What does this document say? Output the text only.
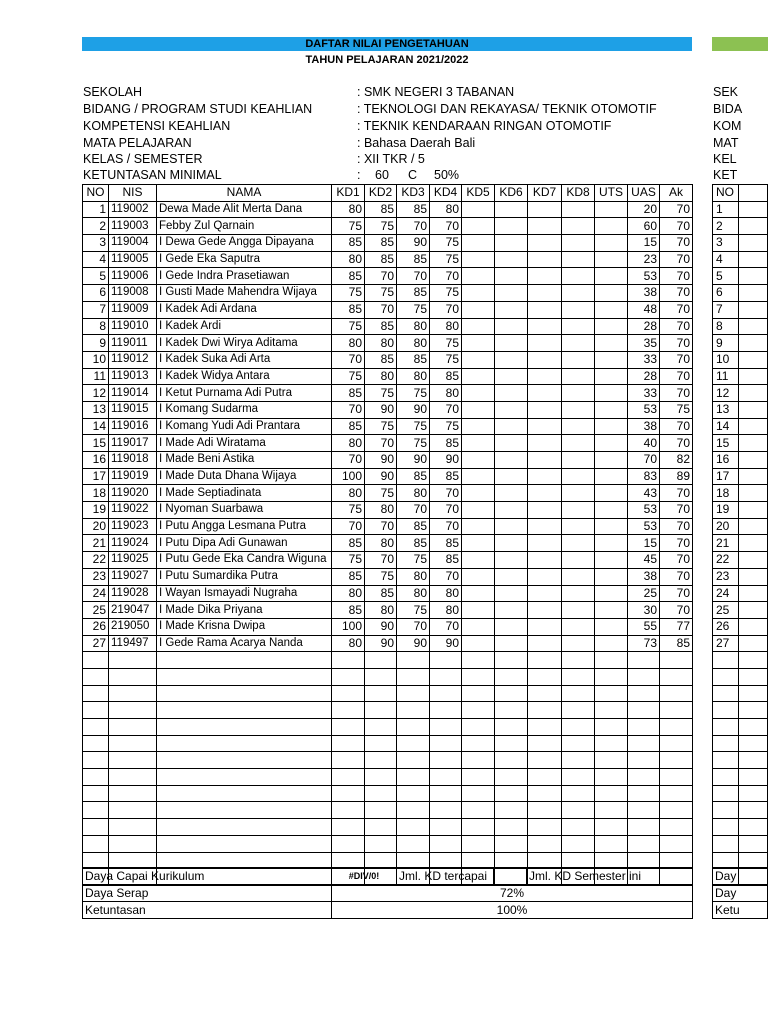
DAFTAR NILAI PENGETAHUAN
TAHUN PELAJARAN 2021/2022
SEKOLAH	: SMK NEGERI 3 TABANAN
BIDANG / PROGRAM STUDI KEAHLIAN	: TEKNOLOGI DAN REKAYASA/ TEKNIK OTOMOTIF
KOMPETENSI KEAHLIAN	: TEKNIK KENDARAAN RINGAN OTOMOTIF
MATA PELAJARAN	: Bahasa Daerah Bali
KELAS / SEMESTER	: XII TKR / 5
KETUNTASAN MINIMAL	: 60 C 50%
NO	NIS	NAMA	KD1	KD2	KD3	KD4	KD5	KD6	KD7	KD8	UTS	UAS	Ak
1	119002	Dewa Made Alit Merta Dana	80	85	85	80						20	70
2	119003	Febby Zul Qarnain	75	75	70	70						60	70
3	119004	I Dewa Gede Angga Dipayana	85	85	90	75						15	70
4	119005	I Gede Eka Saputra	80	85	85	75						23	70
5	119006	I Gede Indra Prasetiawan	85	70	70	70						53	70
6	119008	I Gusti Made Mahendra Wijaya	75	75	85	75						38	70
7	119009	I Kadek Adi Ardana	85	70	75	70						48	70
8	119010	I Kadek Ardi	75	85	80	80						28	70
9	119011	I Kadek Dwi Wirya Aditama	80	80	80	75						35	70
10	119012	I Kadek Suka Adi Arta	70	85	85	75						33	70
11	119013	I Kadek Widya Antara	75	80	80	85						28	70
12	119014	I Ketut Purnama Adi Putra	85	75	75	80						33	70
13	119015	I Komang Sudarma	70	90	90	70						53	75
14	119016	I Komang Yudi Adi Prantara	85	75	75	75						38	70
15	119017	I Made Adi Wiratama	80	70	75	85						40	70
16	119018	I Made Beni Astika	70	90	90	90						70	82
17	119019	I Made Duta Dhana Wijaya	100	90	85	85						83	89
18	119020	I Made Septiadinata	80	75	80	70						43	70
19	119022	I Nyoman Suarbawa	75	80	70	70						53	70
20	119023	I Putu Angga Lesmana Putra	70	70	85	70						53	70
21	119024	I Putu Dipa Adi Gunawan	85	80	85	85						15	70
22	119025	I Putu Gede Eka Candra Wiguna	75	70	75	85						45	70
23	119027	I Putu Sumardika Putra	85	75	80	70						38	70
24	119028	I Wayan Ismayadi Nugraha	80	85	80	80						25	70
25	219047	I Made Dika Priyana	85	80	75	80						30	70
26	219050	I Made Krisna Dwipa	100	90	70	70						55	77
27	119497	I Gede Rama Acarya Nanda	80	90	90	90						73	85

Daya Capai Kurikulum	#DIV/0!	Jml. KD tercapai		Jml. KD Semester ini	
Daya Serap	72%				
Ketuntasan	100%				
SEK
BIDA
KOM
MAT
KEL
KET
NO	
1	
2	
3	
4	
5	
6	
7	
8	
9	
10	
11	
12	
13	
14	
15	
16	
17	
18	
19	
20	
21	
22	
23	
24	
25	
26	
27	

Day
Day
Ketu
